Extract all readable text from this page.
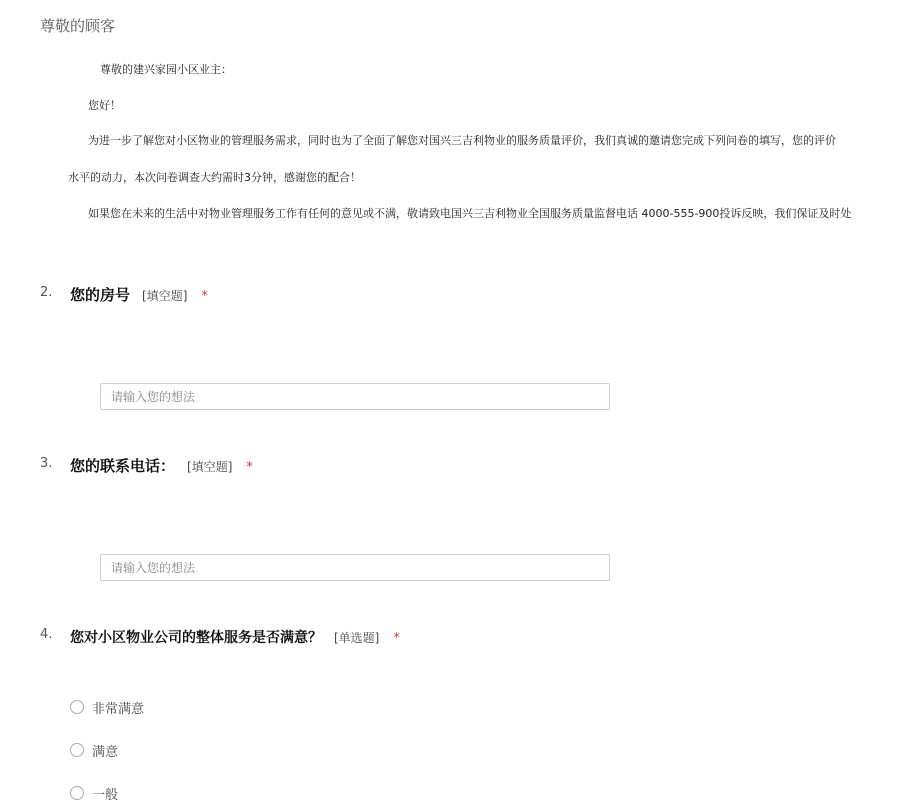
尊敬的顾客
尊敬的建兴家园小区业主：
您好！
为进一步了解您对小区物业的管理服务需求，同时也为了全面了解您对国兴三吉利物业的服务质量评价，我们真诚的邀请您完成下列问卷的填写，您的评价
水平的动力，本次问卷调查大约需时3分钟，感谢您的配合！
如果您在未来的生活中对物业管理服务工作有任何的意见或不满，敬请致电国兴三吉利物业全国服务质量监督电话 4000-555-900投诉反映，我们保证及时处
2. 您的房号 [填空题] *
请输入您的想法
3. 您的联系电话： [填空题] *
请输入您的想法
4. 您对小区物业公司的整体服务是否满意？ [单选题] *
非常满意
满意
一般
